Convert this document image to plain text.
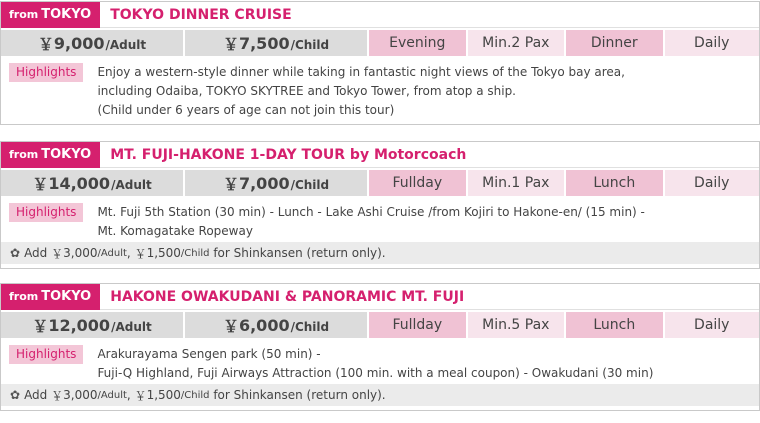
from TOKYO	TOKYO DINNER CRUISE
￥ 9,000 /Adult	￥ 7,500 /Child	Evening	Min.2 Pax	Dinner	Daily
Highlights	Enjoy a western-style dinner while taking in fantastic night views of the Tokyo bay area,
including Odaiba, TOKYO SKYTREE and Tokyo Tower, from atop a ship.
(Child under 6 years of age can not join this tour)
from TOKYO	MT. FUJI-HAKONE 1-DAY TOUR by Motorcoach
￥ 14,000 /Adult	￥ 7,000 /Child	Fullday	Min.1 Pax	Lunch	Daily
Highlights	Mt. Fuji 5th Station (30 min) - Lunch - Lake Ashi Cruise /from Kojiri to Hakone-en/ (15 min) -
Mt. Komagatake Ropeway
✿ Add ￥ 3,000 /Adult , ￥ 1,500 /Child for Shinkansen (return only).
from TOKYO	HAKONE OWAKUDANI & PANORAMIC MT. FUJI
￥ 12,000 /Adult	￥ 6,000 /Child	Fullday	Min.5 Pax	Lunch	Daily
Highlights	Arakurayama Sengen park (50 min) -
Fuji-Q Highland, Fuji Airways Attraction (100 min. with a meal coupon) - Owakudani (30 min)
✿ Add ￥ 3,000 /Adult , ￥ 1,500 /Child for Shinkansen (return only).
